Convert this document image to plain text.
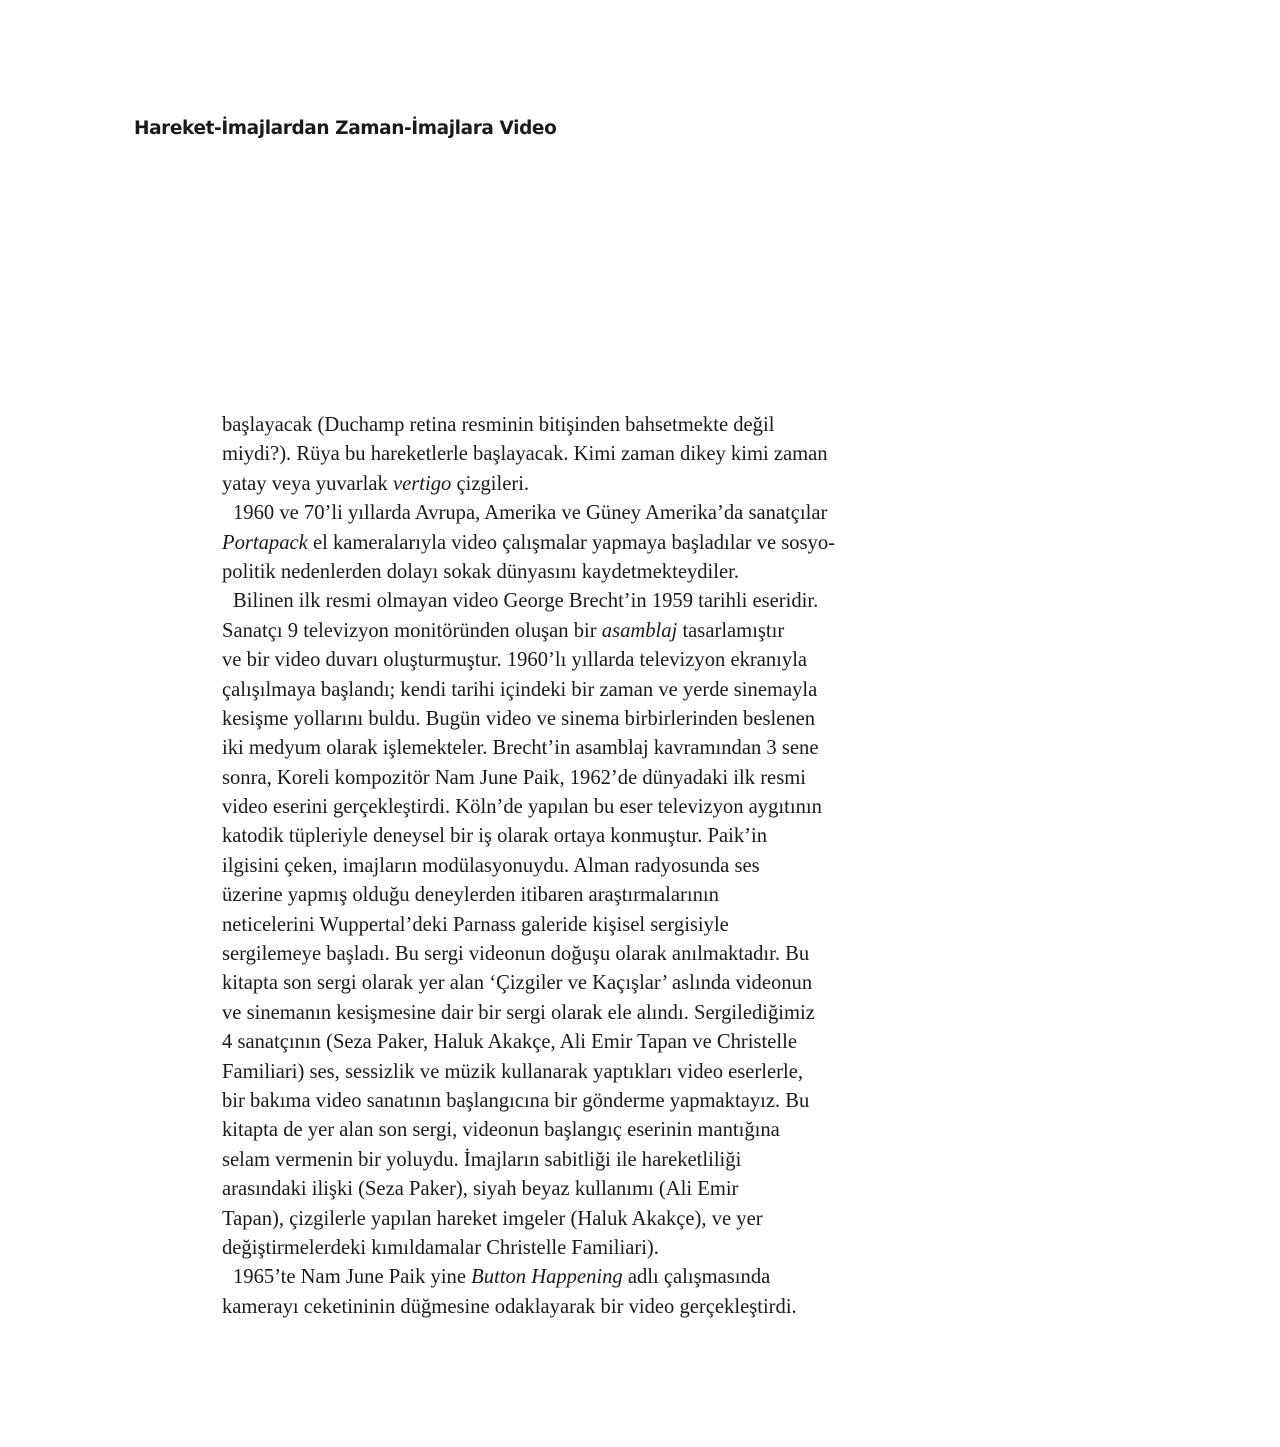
Hareket-İmajlardan Zaman-İmajlara Video
başlayacak (Duchamp retina resminin bitişinden bahsetmekte değil
miydi?). Rüya bu hareketlerle başlayacak. Kimi zaman dikey kimi zaman
yatay veya yuvarlak vertigo çizgileri.
1960 ve 70’li yıllarda Avrupa, Amerika ve Güney Amerika’da sanatçılar
Portapack el kameralarıyla video çalışmalar yapmaya başladılar ve sosyo-
politik nedenlerden dolayı sokak dünyasını kaydetmekteydiler.
Bilinen ilk resmi olmayan video George Brecht’in 1959 tarihli eseridir.
Sanatçı 9 televizyon monitöründen oluşan bir asamblaj tasarlamıştır
ve bir video duvarı oluşturmuştur. 1960’lı yıllarda televizyon ekranıyla
çalışılmaya başlandı; kendi tarihi içindeki bir zaman ve yerde sinemayla
kesişme yollarını buldu. Bugün video ve sinema birbirlerinden beslenen
iki medyum olarak işlemekteler. Brecht’in asamblaj kavramından 3 sene
sonra, Koreli kompozitör Nam June Paik, 1962’de dünyadaki ilk resmi
video eserini gerçekleştirdi. Köln’de yapılan bu eser televizyon aygıtının
katodik tüpleriyle deneysel bir iş olarak ortaya konmuştur. Paik’in
ilgisini çeken, imajların modülasyonuydu. Alman radyosunda ses
üzerine yapmış olduğu deneylerden itibaren araştırmalarının
neticelerini Wuppertal’deki Parnass galeride kişisel sergisiyle
sergilemeye başladı. Bu sergi videonun doğuşu olarak anılmaktadır. Bu
kitapta son sergi olarak yer alan ‘Çizgiler ve Kaçışlar’ aslında videonun
ve sinemanın kesişmesine dair bir sergi olarak ele alındı. Sergilediğimiz
4 sanatçının (Seza Paker, Haluk Akakçe, Ali Emir Tapan ve Christelle
Familiari) ses, sessizlik ve müzik kullanarak yaptıkları video eserlerle,
bir bakıma video sanatının başlangıcına bir gönderme yapmaktayız. Bu
kitapta de yer alan son sergi, videonun başlangıç eserinin mantığına
selam vermenin bir yoluydu. İmajların sabitliği ile hareketliliği
arasındaki ilişki (Seza Paker), siyah beyaz kullanımı (Ali Emir
Tapan), çizgilerle yapılan hareket imgeler (Haluk Akakçe), ve yer
değiştirmelerdeki kımıldamalar Christelle Familiari).
1965’te Nam June Paik yine Button Happening adlı çalışmasında
kamerayı ceketininin düğmesine odaklayarak bir video gerçekleştirdi.
